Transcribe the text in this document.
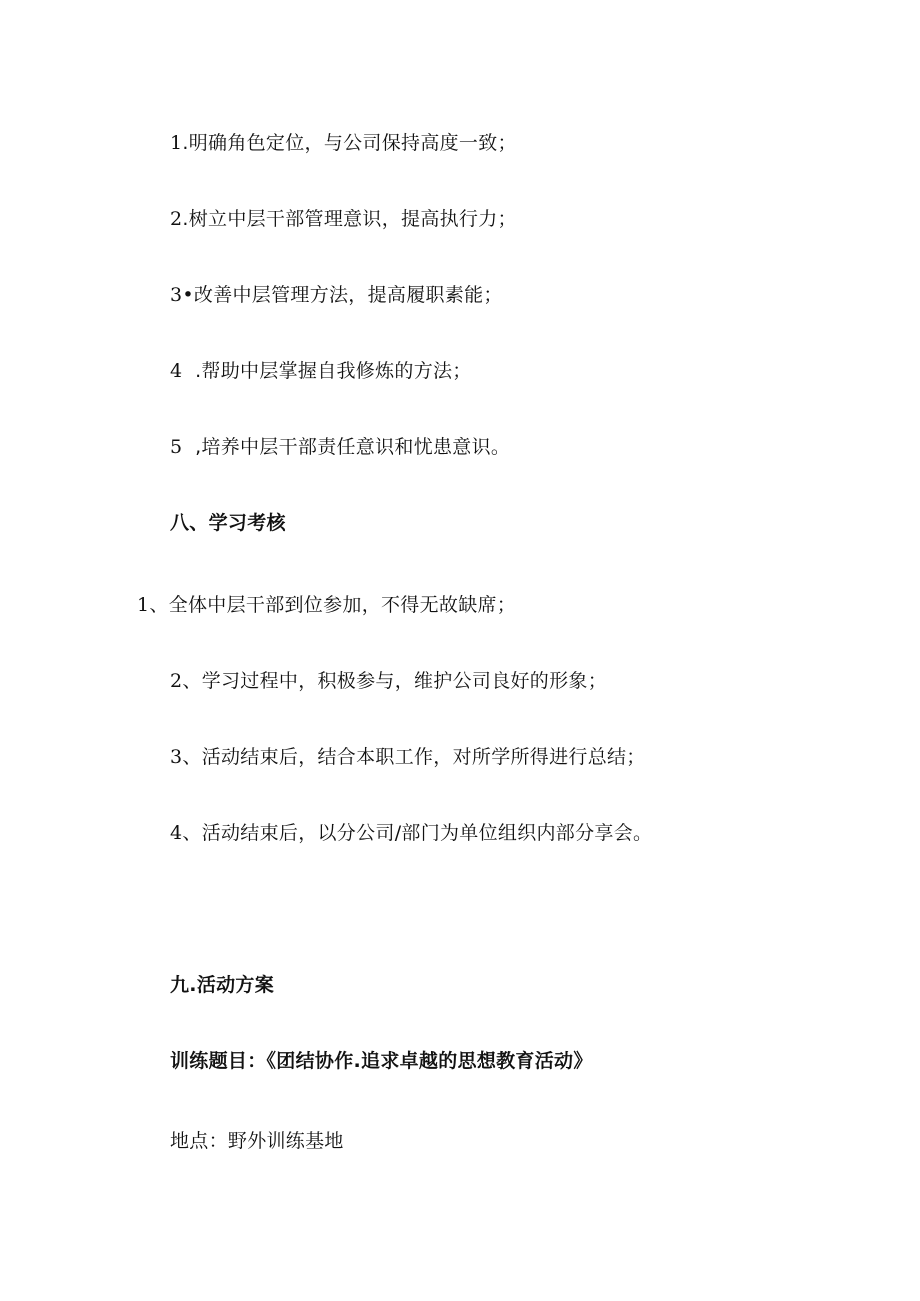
1.明确角色定位，与公司保持高度一致；
2.树立中层干部管理意识，提高执行力；
3•改善中层管理方法，提高履职素能；
4  .帮助中层掌握自我修炼的方法；
5  ,培养中层干部责任意识和忧患意识。
八、学习考核
1、全体中层干部到位参加，不得无故缺席；
2、学习过程中，积极参与，维护公司良好的形象；
3、活动结束后，结合本职工作，对所学所得进行总结；
4、活动结束后，以分公司/部门为单位组织内部分享会。
九.活动方案
训练题目：《团结协作.追求卓越的思想教育活动》
地点：野外训练基地
